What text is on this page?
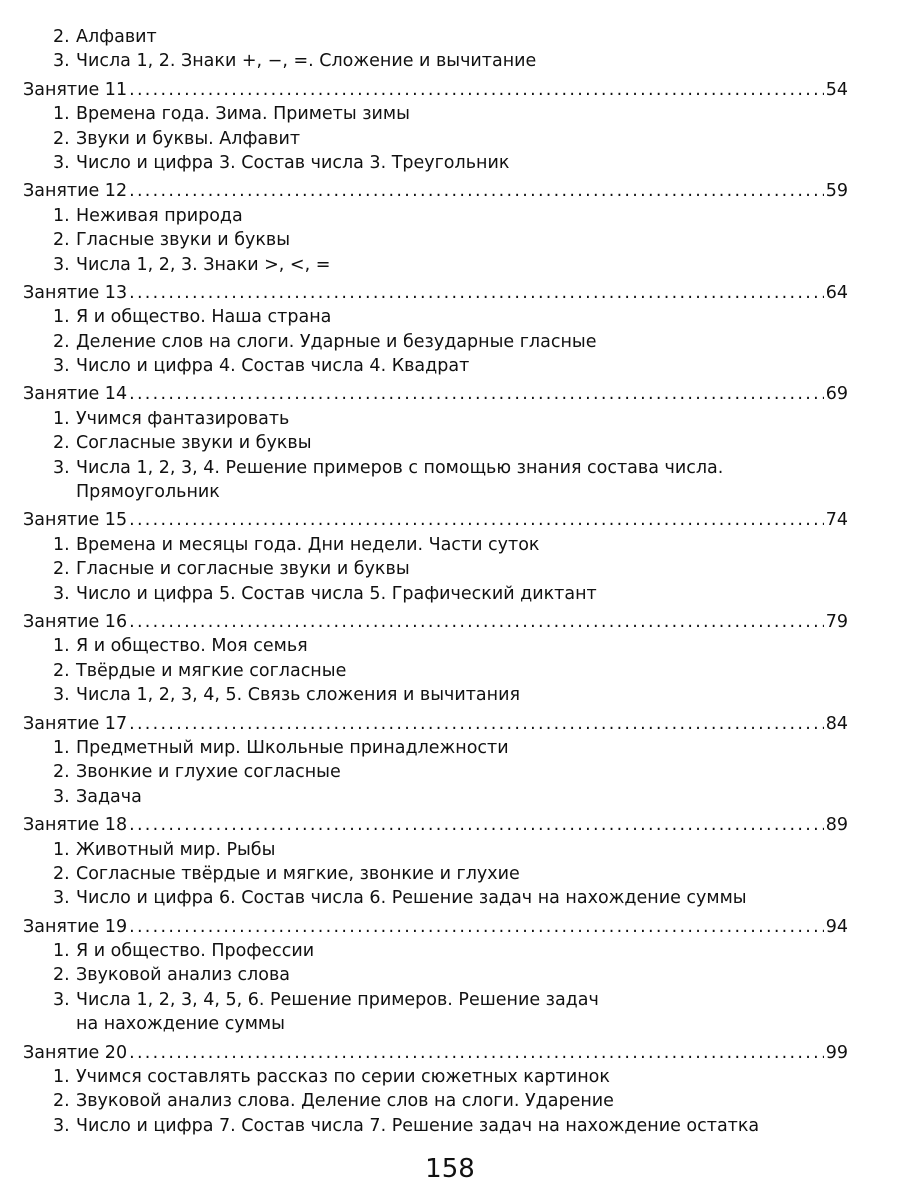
2. Алфавит
3. Числа 1, 2. Знаки +, −, =. Сложение и вычитание
Занятие 11 .....	54
1. Времена года. Зима. Приметы зимы
2. Звуки и буквы. Алфавит
3. Число и цифра 3. Состав числа 3. Треугольник
Занятие 12 .....	59
1. Неживая природа
2. Гласные звуки и буквы
3. Числа 1, 2, 3. Знаки >, <, =
Занятие 13 .....	64
1. Я и общество. Наша страна
2. Деление слов на слоги. Ударные и безударные гласные
3. Число и цифра 4. Состав числа 4. Квадрат
Занятие 14 .....	69
1. Учимся фантазировать
2. Согласные звуки и буквы
3. Числа 1, 2, 3, 4. Решение примеров с помощью знания состава числа.
Прямоугольник
Занятие 15 .....	74
1. Времена и месяцы года. Дни недели. Части суток
2. Гласные и согласные звуки и буквы
3. Число и цифра 5. Состав числа 5. Графический диктант
Занятие 16 .....	79
1. Я и общество. Моя семья
2. Твёрдые и мягкие согласные
3. Числа 1, 2, 3, 4, 5. Связь сложения и вычитания
Занятие 17 .....	84
1. Предметный мир. Школьные принадлежности
2. Звонкие и глухие согласные
3. Задача
Занятие 18 .....	89
1. Животный мир. Рыбы
2. Согласные твёрдые и мягкие, звонкие и глухие
3. Число и цифра 6. Состав числа 6. Решение задач на нахождение суммы
Занятие 19 .....	94
1. Я и общество. Профессии
2. Звуковой анализ слова
3. Числа 1, 2, 3, 4, 5, 6. Решение примеров. Решение задач
на нахождение суммы
Занятие 20 .....	99
1. Учимся составлять рассказ по серии сюжетных картинок
2. Звуковой анализ слова. Деление слов на слоги. Ударение
3. Число и цифра 7. Состав числа 7. Решение задач на нахождение остатка
158
